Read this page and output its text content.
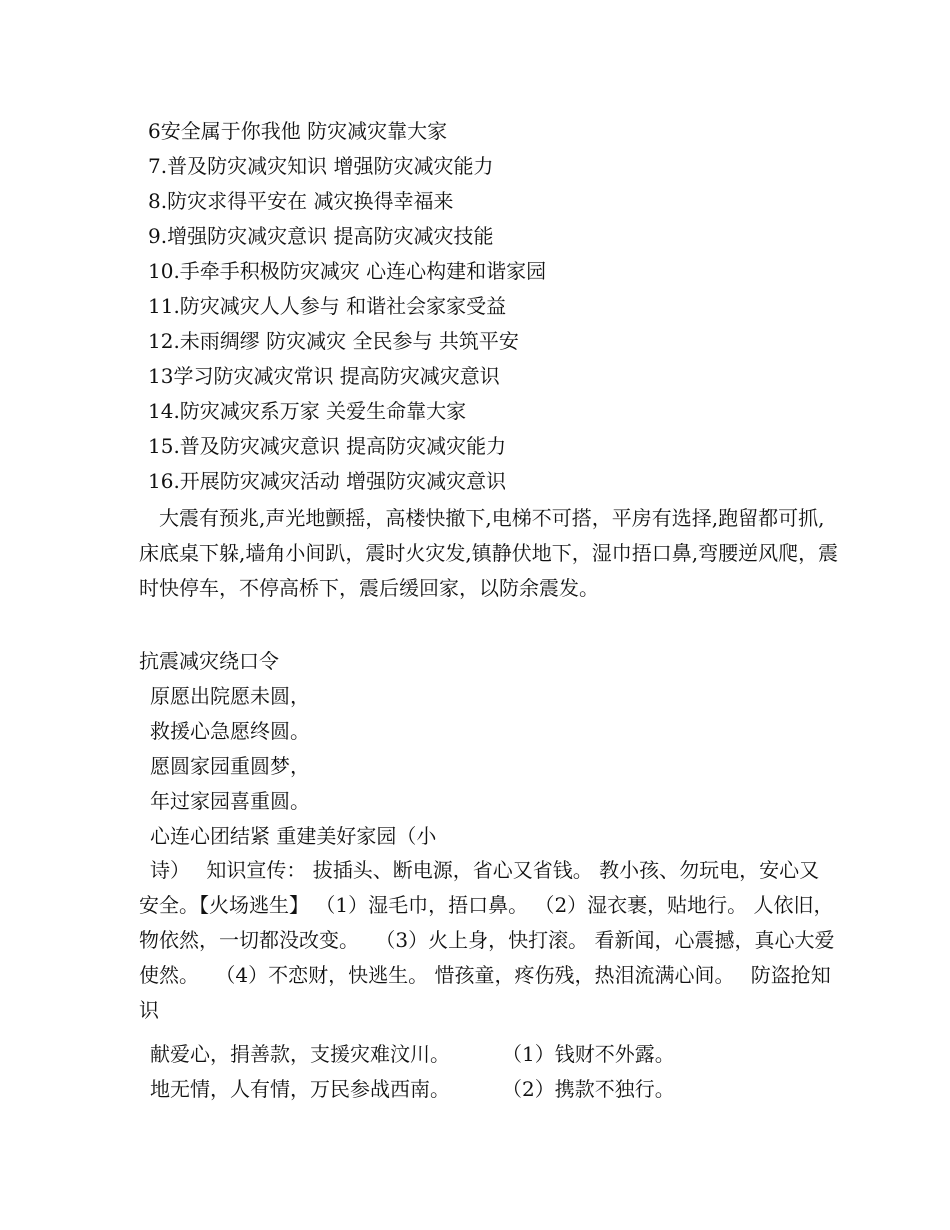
6安全属于你我他 防灾减灾靠大家
7.普及防灾减灾知识 增强防灾减灾能力
8.防灾求得平安在 减灾换得幸福来
9.增强防灾减灾意识 提高防灾减灾技能
10.手牵手积极防灾减灾 心连心构建和谐家园
11.防灾减灾人人参与 和谐社会家家受益
12.未雨绸缪 防灾减灾 全民参与 共筑平安
13学习防灾减灾常识 提高防灾减灾意识
14.防灾减灾系万家 关爱生命靠大家
15.普及防灾减灾意识 提高防灾减灾能力
16.开展防灾减灾活动 增强防灾减灾意识

大震有预兆,声光地颤摇，高楼快撤下,电梯不可搭，平房有选择,跑留都可抓,床底桌下躲,墙角小间趴，震时火灾发,镇静伏地下，湿巾捂口鼻,弯腰逆风爬，震时快停车，不停高桥下，震后缓回家，以防余震发。

抗震减灾绕口令
原愿出院愿未圆，
救援心急愿终圆。
愿圆家园重圆梦，
年过家园喜重圆。
心连心团结紧 重建美好家园（小

诗）　 知识宣传： 拔插头、断电源，省心又省钱。 教小孩、勿玩电，安心又安全。【火场逃生】 （1）湿毛巾，捂口鼻。 （2）湿衣裹，贴地行。 人依旧，物依然，一切都没改变。　 （3）火上身，快打滚。 看新闻，心震撼，真心大爱使然。　 （4）不恋财，快逃生。 惜孩童，疼伤残，热泪流满心间。　 防盗抢知识

献爱心，捐善款，支援灾难汶川。	（1）钱财不外露。
地无情，人有情，万民参战西南。	（2）携款不独行。
